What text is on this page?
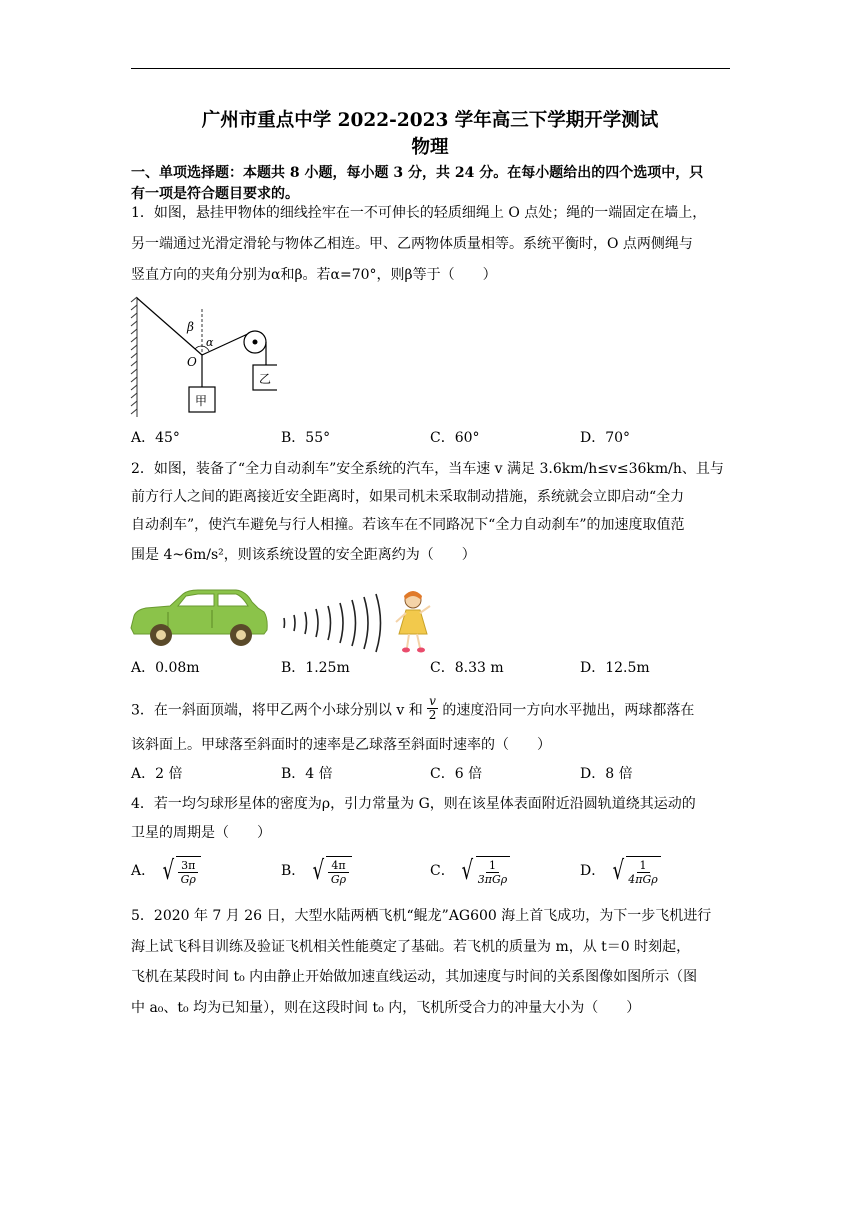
广州市重点中学 2022-2023 学年高三下学期开学测试
物理
一、单项选择题：本题共 8 小题，每小题 3 分，共 24 分。在每小题给出的四个选项中，只
有一项是符合题目要求的。
1．如图，悬挂甲物体的细线拴牢在一不可伸长的轻质细绳上 O 点处；绳的一端固定在墙上，
另一端通过光滑定滑轮与物体乙相连。甲、乙两物体质量相等。系统平衡时，O 点两侧绳与
竖直方向的夹角分别为α和β。若α=70°，则β等于（　　）
β
α
O
甲
乙
A．45°	B．55°	C．60°	D．70°
2．如图，装备了“全力自动刹车”安全系统的汽车，当车速 v 满足 3.6km/h≤v≤36km/h、且与
前方行人之间的距离接近安全距离时，如果司机未采取制动措施，系统就会立即启动“全力
自动刹车”，使汽车避免与行人相撞。若该车在不同路况下“全力自动刹车”的加速度取值范
围是 4~6m/s²，则该系统设置的安全距离约为（　　）
A．0.08m	B．1.25m	C．8.33 m	D．12.5m
3．在一斜面顶端，将甲乙两个小球分别以 v 和 $\frac{v}{2}$ 的速度沿同一方向水平抛出，两球都落在
该斜面上。甲球落至斜面时的速率是乙球落至斜面时速率的（　　）
A．2 倍	B．4 倍	C．6 倍	D．8 倍
4．若一均匀球形星体的密度为ρ，引力常量为 G，则在该星体表面附近沿圆轨道绕其运动的
卫星的周期是（　　）
A． √ $\frac{3\pi}{G\rho}$	B． √ $\frac{4\pi}{G\rho}$	C． √ $\frac{1}{\text{3πGρ}}$	D． √ $\frac{1}{\text{4πGρ}}$
5．2020 年 7 月 26 日，大型水陆两栖飞机“鲲龙”AG600 海上首飞成功，为下一步飞机进行
海上试飞科目训练及验证飞机相关性能奠定了基础。若飞机的质量为 m，从 t＝0 时刻起，
飞机在某段时间 t₀ 内由静止开始做加速直线运动，其加速度与时间的关系图像如图所示（图
中 a₀、t₀ 均为已知量），则在这段时间 t₀ 内，飞机所受合力的冲量大小为（　　）
